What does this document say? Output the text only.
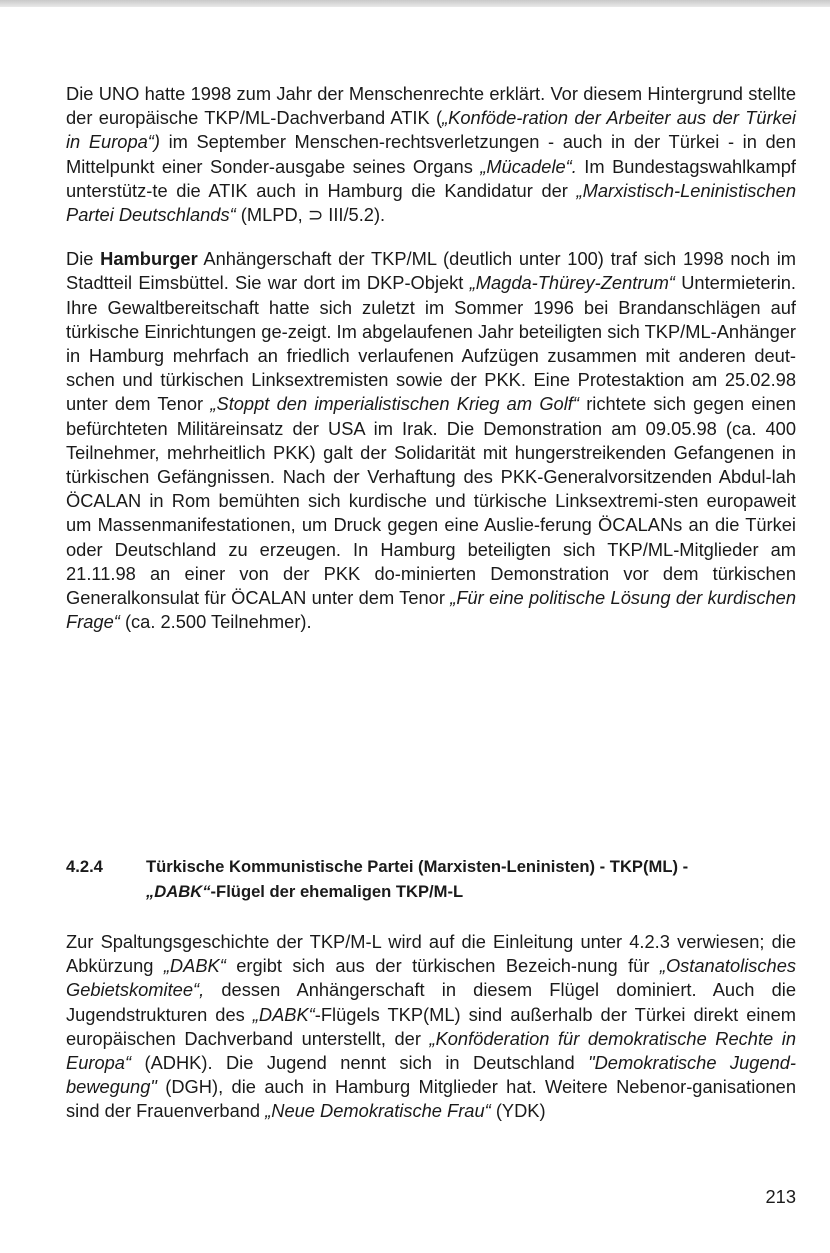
Die UNO hatte 1998 zum Jahr der Menschenrechte erklärt. Vor diesem Hintergrund stellte der europäische TKP/ML-Dachverband ATIK („Konföde-ration der Arbeiter aus der Türkei in Europa“) im September Menschen-rechtsverletzungen - auch in der Türkei - in den Mittelpunkt einer Sonder-ausgabe seines Organs „Mücadele“. Im Bundestagswahlkampf unterstütz-te die ATIK auch in Hamburg die Kandidatur der „Marxistisch-Leninistischen Partei Deutschlands“ (MLPD, ⊃ III/5.2).

Die Hamburger Anhängerschaft der TKP/ML (deutlich unter 100) traf sich 1998 noch im Stadtteil Eimsbüttel. Sie war dort im DKP-Objekt „Magda-Thürey-Zentrum“ Untermieterin. Ihre Gewaltbereitschaft hatte sich zuletzt im Sommer 1996 bei Brandanschlägen auf türkische Einrichtungen ge-zeigt. Im abgelaufenen Jahr beteiligten sich TKP/ML-Anhänger in Hamburg mehrfach an friedlich verlaufenen Aufzügen zusammen mit anderen deut-schen und türkischen Linksextremisten sowie der PKK. Eine Protestaktion am 25.02.98 unter dem Tenor „Stoppt den imperialistischen Krieg am Golf“ richtete sich gegen einen befürchteten Militäreinsatz der USA im Irak. Die Demonstration am 09.05.98 (ca. 400 Teilnehmer, mehrheitlich PKK) galt der Solidarität mit hungerstreikenden Gefangenen in türkischen Gefängnissen. Nach der Verhaftung des PKK-Generalvorsitzenden Abdul-lah ÖCALAN in Rom bemühten sich kurdische und türkische Linksextremi-sten europaweit um Massenmanifestationen, um Druck gegen eine Auslie-ferung ÖCALANs an die Türkei oder Deutschland zu erzeugen. In Hamburg beteiligten sich TKP/ML-Mitglieder am 21.11.98 an einer von der PKK do-minierten Demonstration vor dem türkischen Generalkonsulat für ÖCALAN unter dem Tenor „Für eine politische Lösung der kurdischen Frage“ (ca. 2.500 Teilnehmer).

4.2.4	Türkische Kommunistische Partei (Marxisten-Leninisten) - TKP(ML) -
„DABK“-Flügel der ehemaligen TKP/M-L

Zur Spaltungsgeschichte der TKP/M-L wird auf die Einleitung unter 4.2.3 verwiesen; die Abkürzung „DABK“ ergibt sich aus der türkischen Bezeich-nung für „Ostanatolisches Gebietskomitee“, dessen Anhängerschaft in diesem Flügel dominiert. Auch die Jugendstrukturen des „DABK“-Flügels TKP(ML) sind außerhalb der Türkei direkt einem europäischen Dachverband unterstellt, der „Konföderation für demokratische Rechte in Europa“ (ADHK). Die Jugend nennt sich in Deutschland "Demokratische Jugend-bewegung" (DGH), die auch in Hamburg Mitglieder hat. Weitere Nebenor-ganisationen sind der Frauenverband „Neue Demokratische Frau“ (YDK)

213
